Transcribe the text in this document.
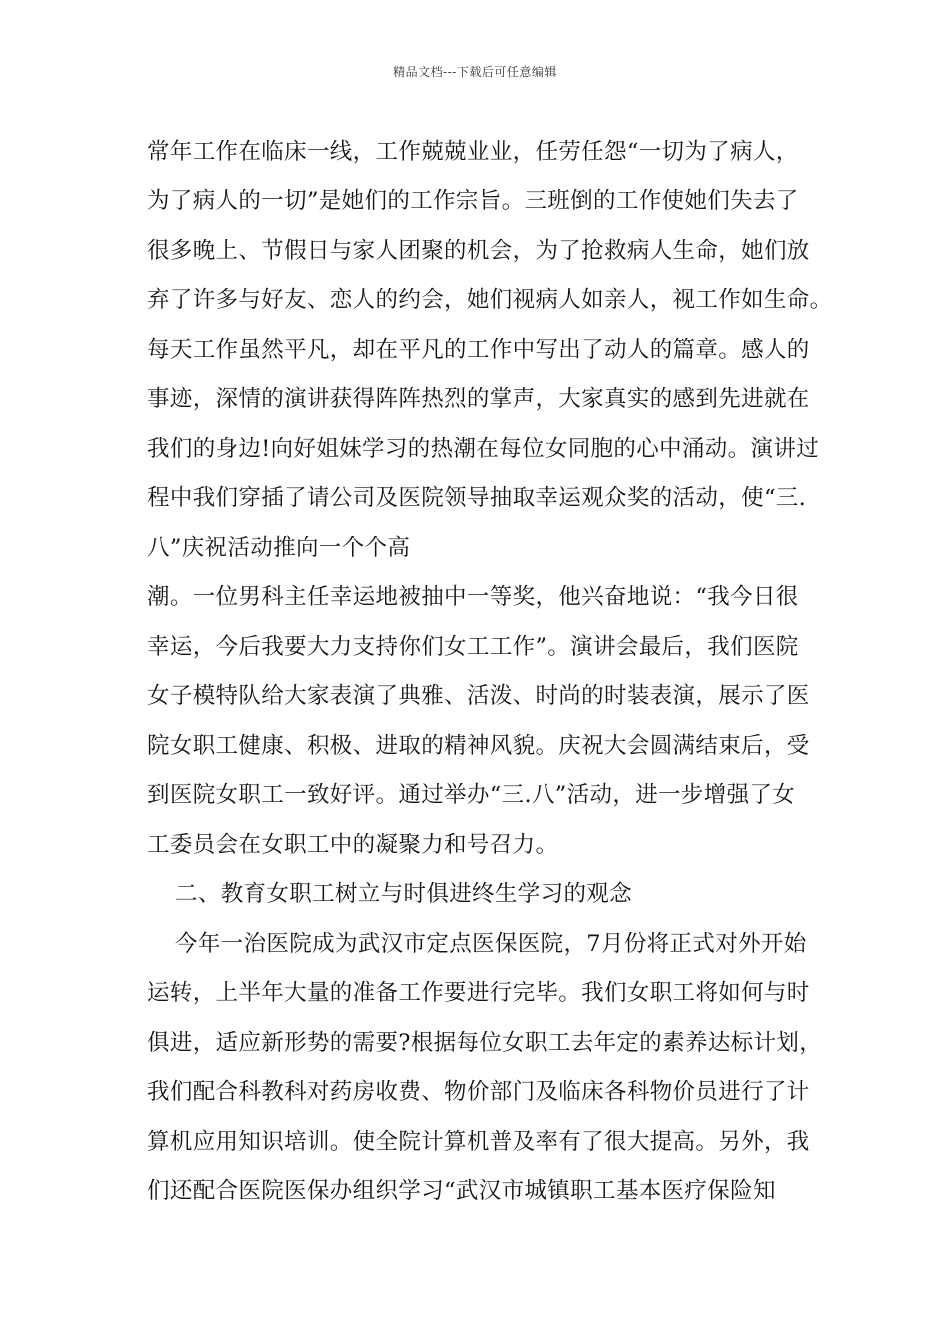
精品文档---下载后可任意编辑
常年工作在临床一线，工作兢兢业业，任劳任怨“一切为了病人，
为了病人的一切”是她们的工作宗旨。三班倒的工作使她们失去了
很多晚上、节假日与家人团聚的机会，为了抢救病人生命，她们放
弃了许多与好友、恋人的约会，她们视病人如亲人，视工作如生命。
每天工作虽然平凡，却在平凡的工作中写出了动人的篇章。感人的
事迹，深情的演讲获得阵阵热烈的掌声，大家真实的感到先进就在
我们的身边!向好姐妹学习的热潮在每位女同胞的心中涌动。演讲过
程中我们穿插了请公司及医院领导抽取幸运观众奖的活动，使“三.
八”庆祝活动推向一个个高
潮。一位男科主任幸运地被抽中一等奖，他兴奋地说：“我今日很
幸运，今后我要大力支持你们女工工作”。演讲会最后，我们医院
女子模特队给大家表演了典雅、活泼、时尚的时装表演，展示了医
院女职工健康、积极、进取的精神风貌。庆祝大会圆满结束后，受
到医院女职工一致好评。通过举办“三.八”活动，进一步增强了女
工委员会在女职工中的凝聚力和号召力。
二、教育女职工树立与时俱进终生学习的观念
今年一治医院成为武汉市定点医保医院，7月份将正式对外开始
运转，上半年大量的准备工作要进行完毕。我们女职工将如何与时
俱进，适应新形势的需要?根据每位女职工去年定的素养达标计划，
我们配合科教科对药房收费、物价部门及临床各科物价员进行了计
算机应用知识培训。使全院计算机普及率有了很大提高。另外，我
们还配合医院医保办组织学习“武汉市城镇职工基本医疗保险知
